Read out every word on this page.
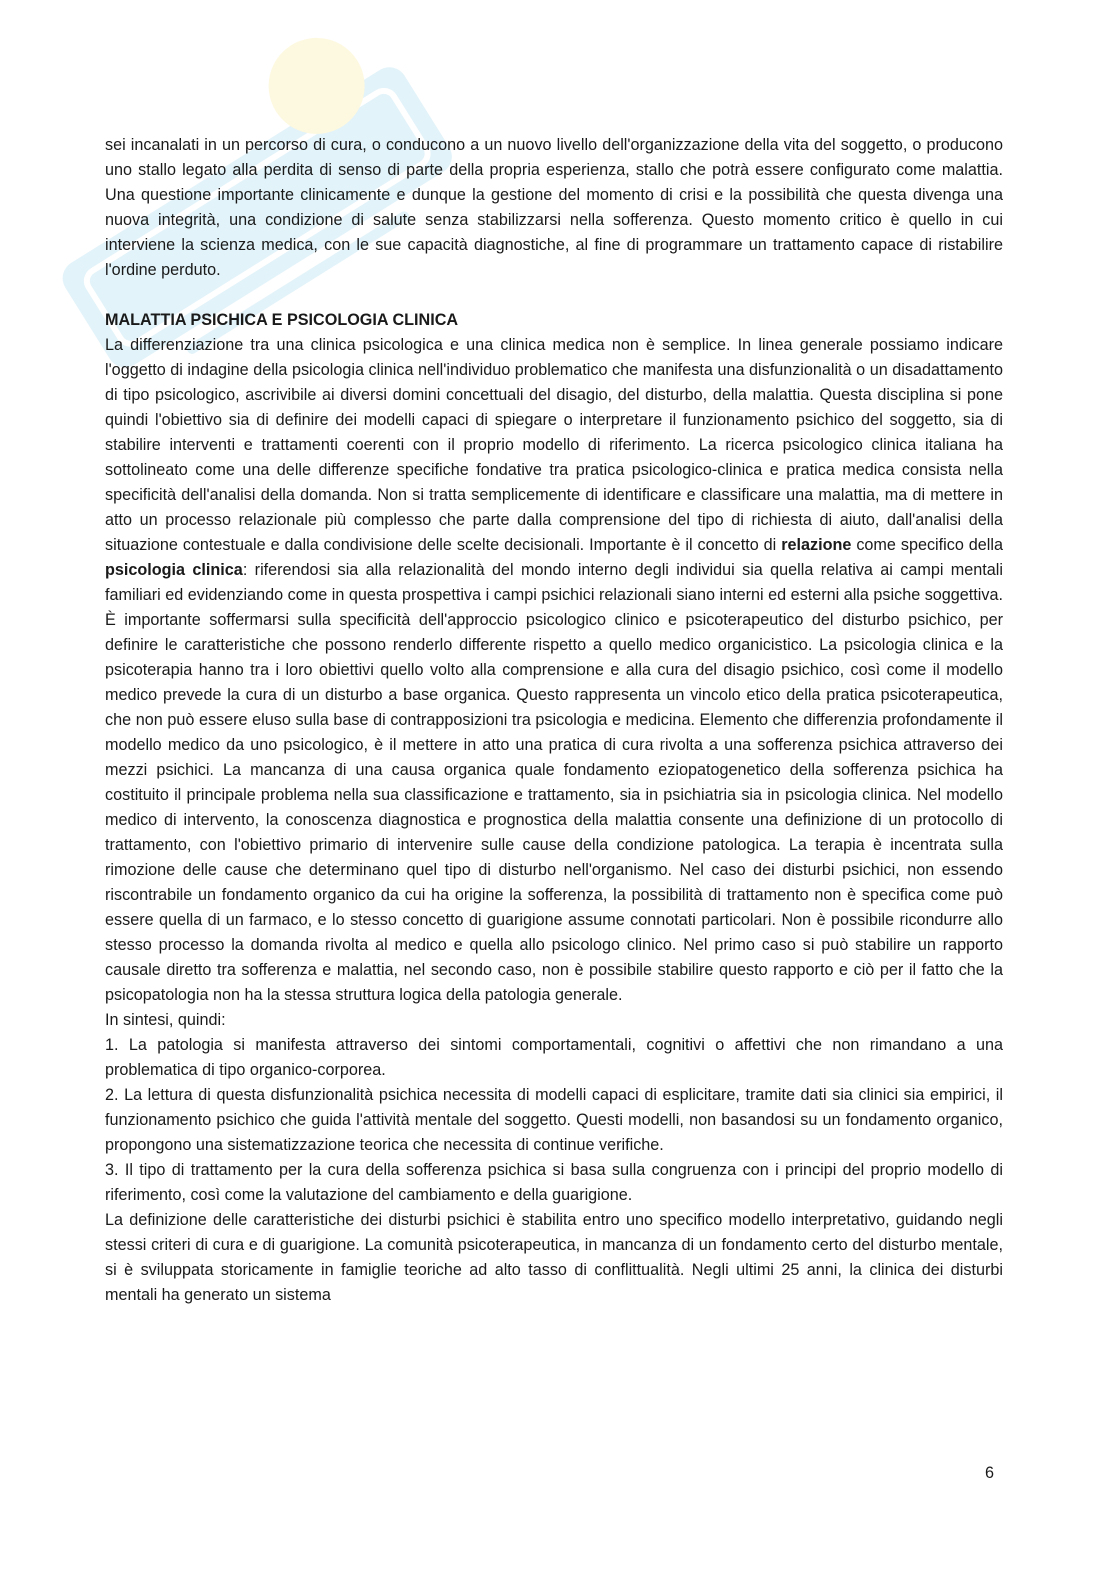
sei incanalati in un percorso di cura, o conducono a un nuovo livello dell'organizzazione della vita del soggetto, o producono uno stallo legato alla perdita di senso di parte della propria esperienza, stallo che potrà essere configurato come malattia. Una questione importante clinicamente e dunque la gestione del momento di crisi e la possibilità che questa divenga una nuova integrità, una condizione di salute senza stabilizzarsi nella sofferenza. Questo momento critico è quello in cui interviene la scienza medica, con le sue capacità diagnostiche, al fine di programmare un trattamento capace di ristabilire l'ordine perduto.

MALATTIA PSICHICA E PSICOLOGIA CLINICA

La differenziazione tra una clinica psicologica e una clinica medica non è semplice. In linea generale possiamo indicare l'oggetto di indagine della psicologia clinica nell'individuo problematico che manifesta una disfunzionalità o un disadattamento di tipo psicologico, ascrivibile ai diversi domini concettuali del disagio, del disturbo, della malattia. Questa disciplina si pone quindi l'obiettivo sia di definire dei modelli capaci di spiegare o interpretare il funzionamento psichico del soggetto, sia di stabilire interventi e trattamenti coerenti con il proprio modello di riferimento. La ricerca psicologico clinica italiana ha sottolineato come una delle differenze specifiche fondative tra pratica psicologico-clinica e pratica medica consista nella specificità dell'analisi della domanda. Non si tratta semplicemente di identificare e classificare una malattia, ma di mettere in atto un processo relazionale più complesso che parte dalla comprensione del tipo di richiesta di aiuto, dall'analisi della situazione contestuale e dalla condivisione delle scelte decisionali. Importante è il concetto di relazione come specifico della psicologia clinica: riferendosi sia alla relazionalità del mondo interno degli individui sia quella relativa ai campi mentali familiari ed evidenziando come in questa prospettiva i campi psichici relazionali siano interni ed esterni alla psiche soggettiva. È importante soffermarsi sulla specificità dell'approccio psicologico clinico e psicoterapeutico del disturbo psichico, per definire le caratteristiche che possono renderlo differente rispetto a quello medico organicistico. La psicologia clinica e la psicoterapia hanno tra i loro obiettivi quello volto alla comprensione e alla cura del disagio psichico, così come il modello medico prevede la cura di un disturbo a base organica. Questo rappresenta un vincolo etico della pratica psicoterapeutica, che non può essere eluso sulla base di contrapposizioni tra psicologia e medicina. Elemento che differenzia profondamente il modello medico da uno psicologico, è il mettere in atto una pratica di cura rivolta a una sofferenza psichica attraverso dei mezzi psichici. La mancanza di una causa organica quale fondamento eziopatogenetico della sofferenza psichica ha costituito il principale problema nella sua classificazione e trattamento, sia in psichiatria sia in psicologia clinica. Nel modello medico di intervento, la conoscenza diagnostica e prognostica della malattia consente una definizione di un protocollo di trattamento, con l'obiettivo primario di intervenire sulle cause della condizione patologica. La terapia è incentrata sulla rimozione delle cause che determinano quel tipo di disturbo nell'organismo. Nel caso dei disturbi psichici, non essendo riscontrabile un fondamento organico da cui ha origine la sofferenza, la possibilità di trattamento non è specifica come può essere quella di un farmaco, e lo stesso concetto di guarigione assume connotati particolari. Non è possibile ricondurre allo stesso processo la domanda rivolta al medico e quella allo psicologo clinico. Nel primo caso si può stabilire un rapporto causale diretto tra sofferenza e malattia, nel secondo caso, non è possibile stabilire questo rapporto e ciò per il fatto che la psicopatologia non ha la stessa struttura logica della patologia generale.

In sintesi, quindi:

1. La patologia si manifesta attraverso dei sintomi comportamentali, cognitivi o affettivi che non rimandano a una problematica di tipo organico-corporea.

2. La lettura di questa disfunzionalità psichica necessita di modelli capaci di esplicitare, tramite dati sia clinici sia empirici, il funzionamento psichico che guida l'attività mentale del soggetto. Questi modelli, non basandosi su un fondamento organico, propongono una sistematizzazione teorica che necessita di continue verifiche.

3. Il tipo di trattamento per la cura della sofferenza psichica si basa sulla congruenza con i principi del proprio modello di riferimento, così come la valutazione del cambiamento e della guarigione.

La definizione delle caratteristiche dei disturbi psichici è stabilita entro uno specifico modello interpretativo, guidando negli stessi criteri di cura e di guarigione. La comunità psicoterapeutica, in mancanza di un fondamento certo del disturbo mentale, si è sviluppata storicamente in famiglie teoriche ad alto tasso di conflittualità. Negli ultimi 25 anni, la clinica dei disturbi mentali ha generato un sistema

6
